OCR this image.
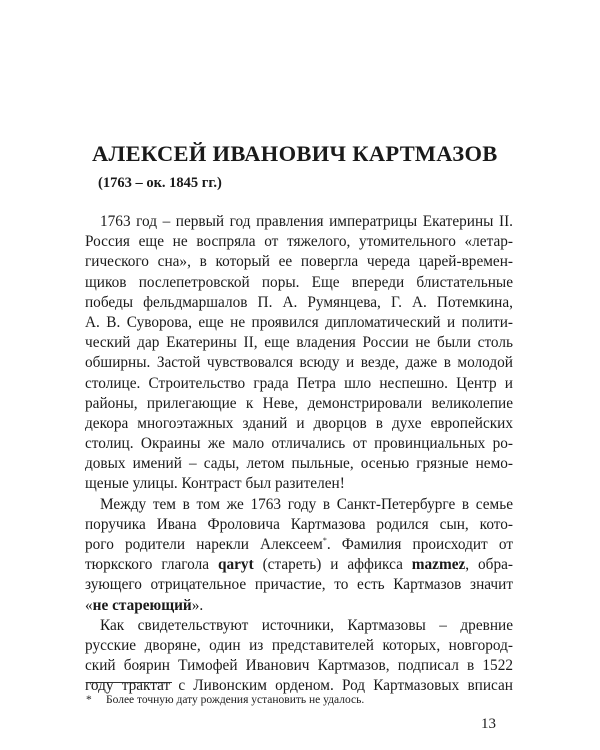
АЛЕКСЕЙ ИВАНОВИЧ КАРТМАЗОВ
(1763 – ок. 1845 гг.)
1763 год – первый год правления императрицы Екатерины II.
Россия еще не воспряла от тяжелого, утомительного «летар-
гического сна», в который ее повергла череда царей-времен-
щиков послепетровской поры. Еще впереди блистательные
победы фельдмаршалов П. А. Румянцева, Г. А. Потемкина,
А. В. Суворова, еще не проявился дипломатический и полити-
ческий дар Екатерины II, еще владения России не были столь
обширны. Застой чувствовался всюду и везде, даже в молодой
столице. Строительство града Петра шло неспешно. Центр и
районы, прилегающие к Неве, демонстрировали великолепие
декора многоэтажных зданий и дворцов в духе европейских
столиц. Окраины же мало отличались от провинциальных ро-
довых имений – сады, летом пыльные, осенью грязные немо-
щеные улицы. Контраст был разителен!
Между тем в том же 1763 году в Санкт-Петербурге в семье
поручика Ивана Фроловича Картмазова родился сын, кото-
рого родители нарекли Алексеем*. Фамилия происходит от
тюркского глагола qaryt (стареть) и аффикса mazmez, обра-
зующего отрицательное причастие, то есть Картмазов значит
«не стареющий».
Как свидетельствуют источники, Картмазовы – древние
русские дворяне, один из представителей которых, новгород-
ский боярин Тимофей Иванович Картмазов, подписал в 1522
году трактат с Ливонским орденом. Род Картмазовых вписан
* Более точную дату рождения установить не удалось.
13
